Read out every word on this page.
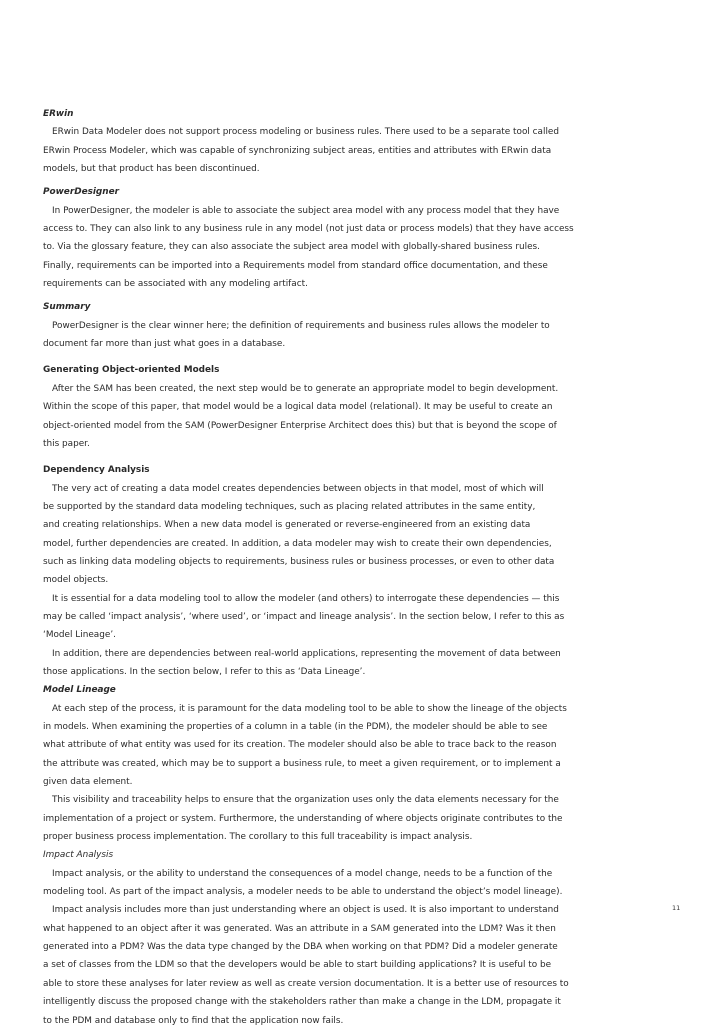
ERwin
ERwin Data Modeler does not support process modeling or business rules. There used to be a separate tool called
ERwin Process Modeler, which was capable of synchronizing subject areas, entities and attributes with ERwin data
models, but that product has been discontinued.
PowerDesigner
In PowerDesigner, the modeler is able to associate the subject area model with any process model that they have
access to. They can also link to any business rule in any model (not just data or process models) that they have access
to. Via the glossary feature, they can also associate the subject area model with globally-shared business rules.
Finally, requirements can be imported into a Requirements model from standard office documentation, and these
requirements can be associated with any modeling artifact.
Summary
PowerDesigner is the clear winner here; the definition of requirements and business rules allows the modeler to
document far more than just what goes in a database.
Generating Object-oriented Models
After the SAM has been created, the next step would be to generate an appropriate model to begin development.
Within the scope of this paper, that model would be a logical data model (relational). It may be useful to create an
object-oriented model from the SAM (PowerDesigner Enterprise Architect does this) but that is beyond the scope of
this paper.
Dependency Analysis
The very act of creating a data model creates dependencies between objects in that model, most of which will
be supported by the standard data modeling techniques, such as placing related attributes in the same entity,
and creating relationships. When a new data model is generated or reverse-engineered from an existing data
model, further dependencies are created. In addition, a data modeler may wish to create their own dependencies,
such as linking data modeling objects to requirements, business rules or business processes, or even to other data
model objects.
It is essential for a data modeling tool to allow the modeler (and others) to interrogate these dependencies — this
may be called ‘impact analysis’, ‘where used’, or ‘impact and lineage analysis’. In the section below, I refer to this as
‘Model Lineage’.
In addition, there are dependencies between real-world applications, representing the movement of data between
those applications. In the section below, I refer to this as ‘Data Lineage’.
Model Lineage
At each step of the process, it is paramount for the data modeling tool to be able to show the lineage of the objects
in models. When examining the properties of a column in a table (in the PDM), the modeler should be able to see
what attribute of what entity was used for its creation. The modeler should also be able to trace back to the reason
the attribute was created, which may be to support a business rule, to meet a given requirement, or to implement a
given data element.
This visibility and traceability helps to ensure that the organization uses only the data elements necessary for the
implementation of a project or system. Furthermore, the understanding of where objects originate contributes to the
proper business process implementation. The corollary to this full traceability is impact analysis.
Impact Analysis
Impact analysis, or the ability to understand the consequences of a model change, needs to be a function of the
modeling tool. As part of the impact analysis, a modeler needs to be able to understand the object’s model lineage).
Impact analysis includes more than just understanding where an object is used. It is also important to understand
what happened to an object after it was generated. Was an attribute in a SAM generated into the LDM? Was it then
generated into a PDM? Was the data type changed by the DBA when working on that PDM? Did a modeler generate
a set of classes from the LDM so that the developers would be able to start building applications? It is useful to be
able to store these analyses for later review as well as create version documentation. It is a better use of resources to
intelligently discuss the proposed change with the stakeholders rather than make a change in the LDM, propagate it
to the PDM and database only to find that the application now fails.
11
